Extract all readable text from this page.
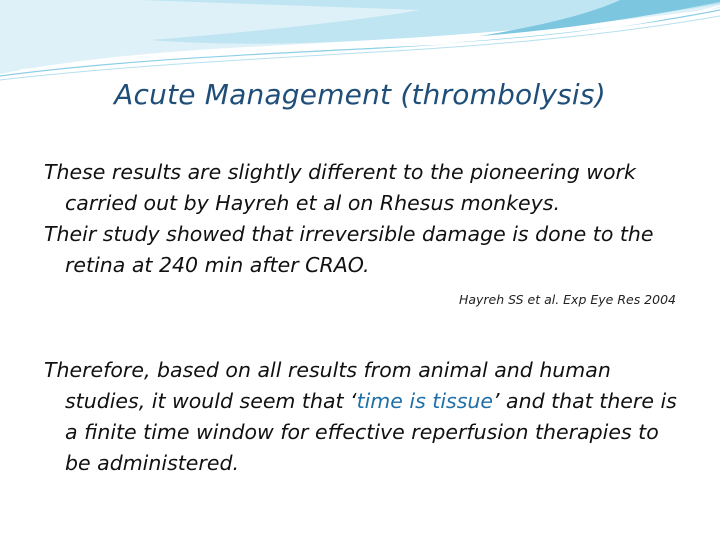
Acute Management (thrombolysis)

These results are slightly different to the pioneering work carried out by Hayreh et al on Rhesus monkeys.

Their study showed that irreversible damage is done to the retina at 240 min after CRAO.

Hayreh SS et al. Exp Eye Res 2004

Therefore, based on all results from animal and human studies, it would seem that ‘time is tissue’ and that there is a finite time window for effective reperfusion therapies to be administered.
